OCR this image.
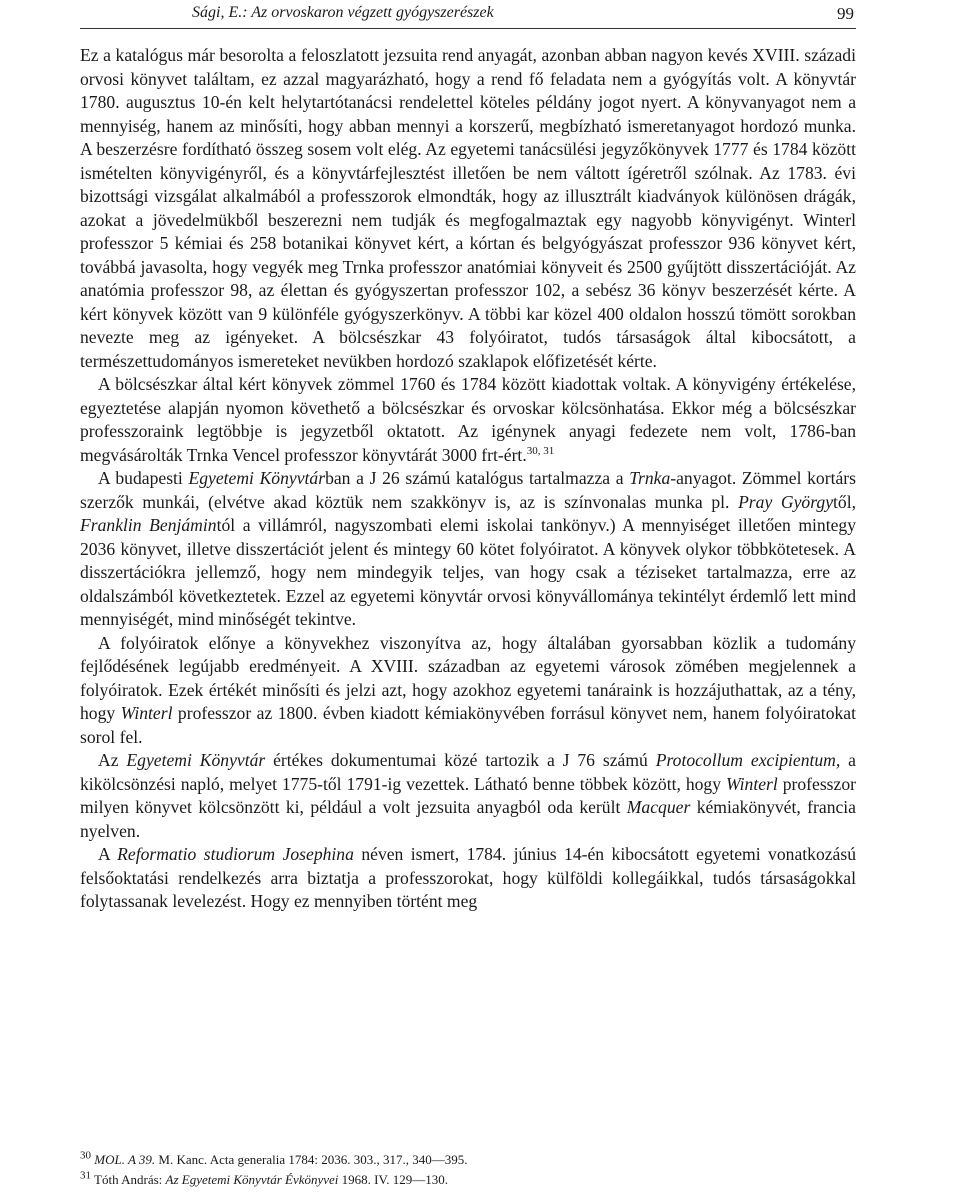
Sági, E.: Az orvoskaron végzett gyógyszerészek	99

Ez a katalógus már besorolta a feloszlatott jezsuita rend anyagát, azonban abban nagyon kevés XVIII. századi orvosi könyvet találtam, ez azzal magyarázható, hogy a rend fő feladata nem a gyógyítás volt. A könyvtár 1780. augusztus 10-én kelt helytartótanácsi rendelettel köteles példány jogot nyert. A könyvanyagot nem a mennyiség, hanem az minősíti, hogy abban mennyi a korszerű, megbízható ismeretanyagot hordozó munka. A beszerzésre fordítható összeg sosem volt elég. Az egyetemi tanácsülési jegyzőkönyvek 1777 és 1784 között ismételten könyvigényről, és a könyvtárfejlesztést illetően be nem váltott ígéretről szólnak. Az 1783. évi bizottsági vizsgálat alkalmából a professzorok elmondták, hogy az illusztrált kiadványok különösen drágák, azokat a jövedelmükből beszerezni nem tudják és megfogalmaztak egy nagyobb könyvigényt. Winterl professzor 5 kémiai és 258 botanikai könyvet kért, a kórtan és belgyógyászat professzor 936 könyvet kért, továbbá javasolta, hogy vegyék meg Trnka professzor anatómiai könyveit és 2500 gyűjtött disszertációját. Az anatómia professzor 98, az élettan és gyógyszertan professzor 102, a sebész 36 könyv beszerzését kérte. A kért könyvek között van 9 különféle gyógyszerkönyv. A többi kar közel 400 oldalon hosszú tömött sorokban nevezte meg az igényeket. A bölcsészkar 43 folyóiratot, tudós társaságok által kibocsátott, a természettudományos ismereteket nevükben hordozó szaklapok előfizetését kérte.

A bölcsészkar által kért könyvek zömmel 1760 és 1784 között kiadottak voltak. A könyvigény értékelése, egyeztetése alapján nyomon követhető a bölcsészkar és orvoskar kölcsönhatása. Ekkor még a bölcsészkar professzoraink legtöbbje is jegyzetből oktatott. Az igénynek anyagi fedezete nem volt, 1786-ban megvásárolták Trnka Vencel professzor könyvtárát 3000 frt-ért.$^{30, 31}$

A budapesti Egyetemi Könyvtárban a J 26 számú katalógus tartalmazza a Trnka-anyagot. Zömmel kortárs szerzők munkái, (elvétve akad köztük nem szakkönyv is, az is színvonalas munka pl. Pray Györgytől, Franklin Benjámintól a villámról, nagyszombati elemi iskolai tankönyv.) A mennyiséget illetően mintegy 2036 könyvet, illetve disszertációt jelent és mintegy 60 kötet folyóiratot. A könyvek olykor többkötetesek. A disszertációkra jellemző, hogy nem mindegyik teljes, van hogy csak a téziseket tartalmazza, erre az oldalszámból következtetek. Ezzel az egyetemi könyvtár orvosi könyvállománya tekintélyt érdemlő lett mind mennyiségét, mind minőségét tekintve.

A folyóiratok előnye a könyvekhez viszonyítva az, hogy általában gyorsabban közlik a tudomány fejlődésének legújabb eredményeit. A XVIII. században az egyetemi városok zömében megjelennek a folyóiratok. Ezek értékét minősíti és jelzi azt, hogy azokhoz egyetemi tanáraink is hozzájuthattak, az a tény, hogy Winterl professzor az 1800. évben kiadott kémiakönyvében forrásul könyvet nem, hanem folyóiratokat sorol fel.

Az Egyetemi Könyvtár értékes dokumentumai közé tartozik a J 76 számú Protocollum excipientum, a kikölcsönzési napló, melyet 1775-től 1791-ig vezettek. Látható benne többek között, hogy Winterl professzor milyen könyvet kölcsönzött ki, például a volt jezsuita anyagból oda került Macquer kémiakönyvét, francia nyelven.

A Reformatio studiorum Josephina néven ismert, 1784. június 14-én kibocsátott egyetemi vonatkozású felsőoktatási rendelkezés arra biztatja a professzorokat, hogy külföldi kollegáikkal, tudós társaságokkal folytassanak levelezést. Hogy ez mennyiben történt meg

$^{30}$ MOL. A 39. M. Kanc. Acta generalia 1784: 2036. 303., 317., 340—395.
$^{31}$ Tóth András: Az Egyetemi Könyvtár Évkönyvei 1968. IV. 129—130.
